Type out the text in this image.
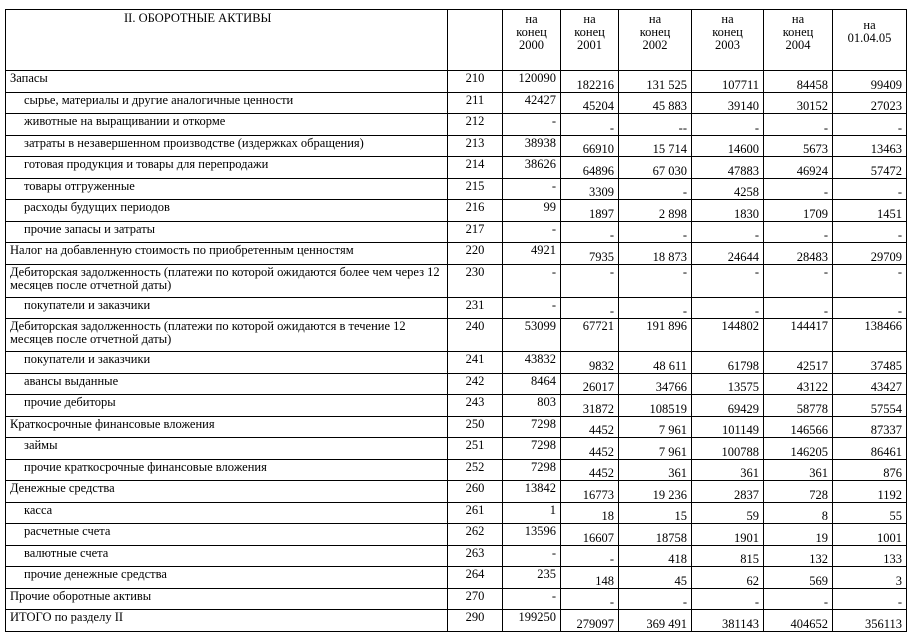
II. ОБОРОТНЫЕ АКТИВЫ		на
конец
2000	на
конец
2001	на
конец
2002	на
конец
2003	на
конец
2004	на
01.04.05

Запасы	210	120090	182216	131 525	107711	84458	99409
сырье, материалы и другие аналогичные ценности	211	42427	45204	45 883	39140	30152	27023
животные на выращивании и откорме	212	-	-	--	-	-	-
затраты в незавершенном производстве (издержках обращения)	213	38938	66910	15 714	14600	5673	13463
готовая продукция и товары для перепродажи	214	38626	64896	67 030	47883	46924	57472
товары отгруженные	215	-	3309	-	4258	-	-
расходы будущих периодов	216	99	1897	2 898	1830	1709	1451
прочие запасы и затраты	217	-	-	-	-	-	-
Налог на добавленную стоимость по приобретенным ценностям	220	4921	7935	18 873	24644	28483	29709
Дебиторская задолженность (платежи по которой ожидаются более чем через 12 месяцев после отчетной даты)	230	-	-	-	-	-	-
покупатели и заказчики	231	-	-	-	-	-	-
Дебиторская задолженность (платежи по которой ожидаются в течение 12 месяцев после отчетной даты)	240	53099	67721	191 896	144802	144417	138466
покупатели и заказчики	241	43832	9832	48 611	61798	42517	37485
авансы выданные	242	8464	26017	34766	13575	43122	43427
прочие дебиторы	243	803	31872	108519	69429	58778	57554
Краткосрочные финансовые вложения	250	7298	4452	7 961	101149	146566	87337
займы	251	7298	4452	7 961	100788	146205	86461
прочие краткосрочные финансовые вложения	252	7298	4452	361	361	361	876
Денежные средства	260	13842	16773	19 236	2837	728	1192
касса	261	1	18	15	59	8	55
расчетные счета	262	13596	16607	18758	1901	19	1001
валютные счета	263	-	-	418	815	132	133
прочие денежные средства	264	235	148	45	62	569	3
Прочие оборотные активы	270	-	-	-	-	-	-
ИТОГО по разделу II	290	199250	279097	369 491	381143	404652	356113
